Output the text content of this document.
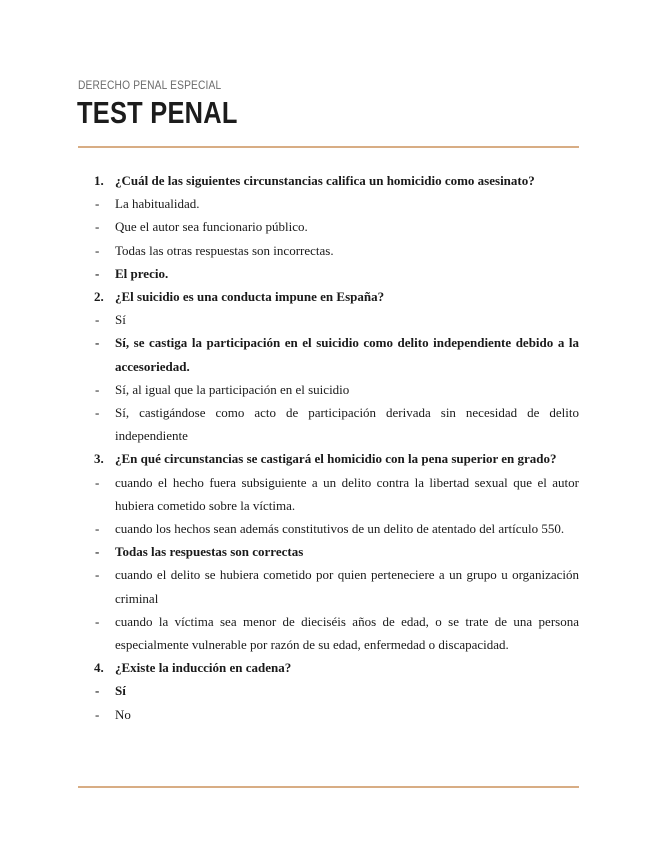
DERECHO PENAL ESPECIAL
TEST PENAL
1. ¿Cuál de las siguientes circunstancias califica un homicidio como asesinato?
- La habitualidad.
- Que el autor sea funcionario público.
- Todas las otras respuestas son incorrectas.
- El precio.
2. ¿El suicidio es una conducta impune en España?
- Sí
- Sí, se castiga la participación en el suicidio como delito independiente debido a la accesoriedad.
- Sí, al igual que la participación en el suicidio
- Sí, castigándose como acto de participación derivada sin necesidad de delito independiente
3. ¿En qué circunstancias se castigará el homicidio con la pena superior en grado?
- cuando el hecho fuera subsiguiente a un delito contra la libertad sexual que el autor hubiera cometido sobre la víctima.
- cuando los hechos sean además constitutivos de un delito de atentado del artículo 550.
- Todas las respuestas son correctas
- cuando el delito se hubiera cometido por quien perteneciere a un grupo u organización criminal
- cuando la víctima sea menor de dieciséis años de edad, o se trate de una persona especialmente vulnerable por razón de su edad, enfermedad o discapacidad.
4. ¿Existe la inducción en cadena?
- Sí
- No
